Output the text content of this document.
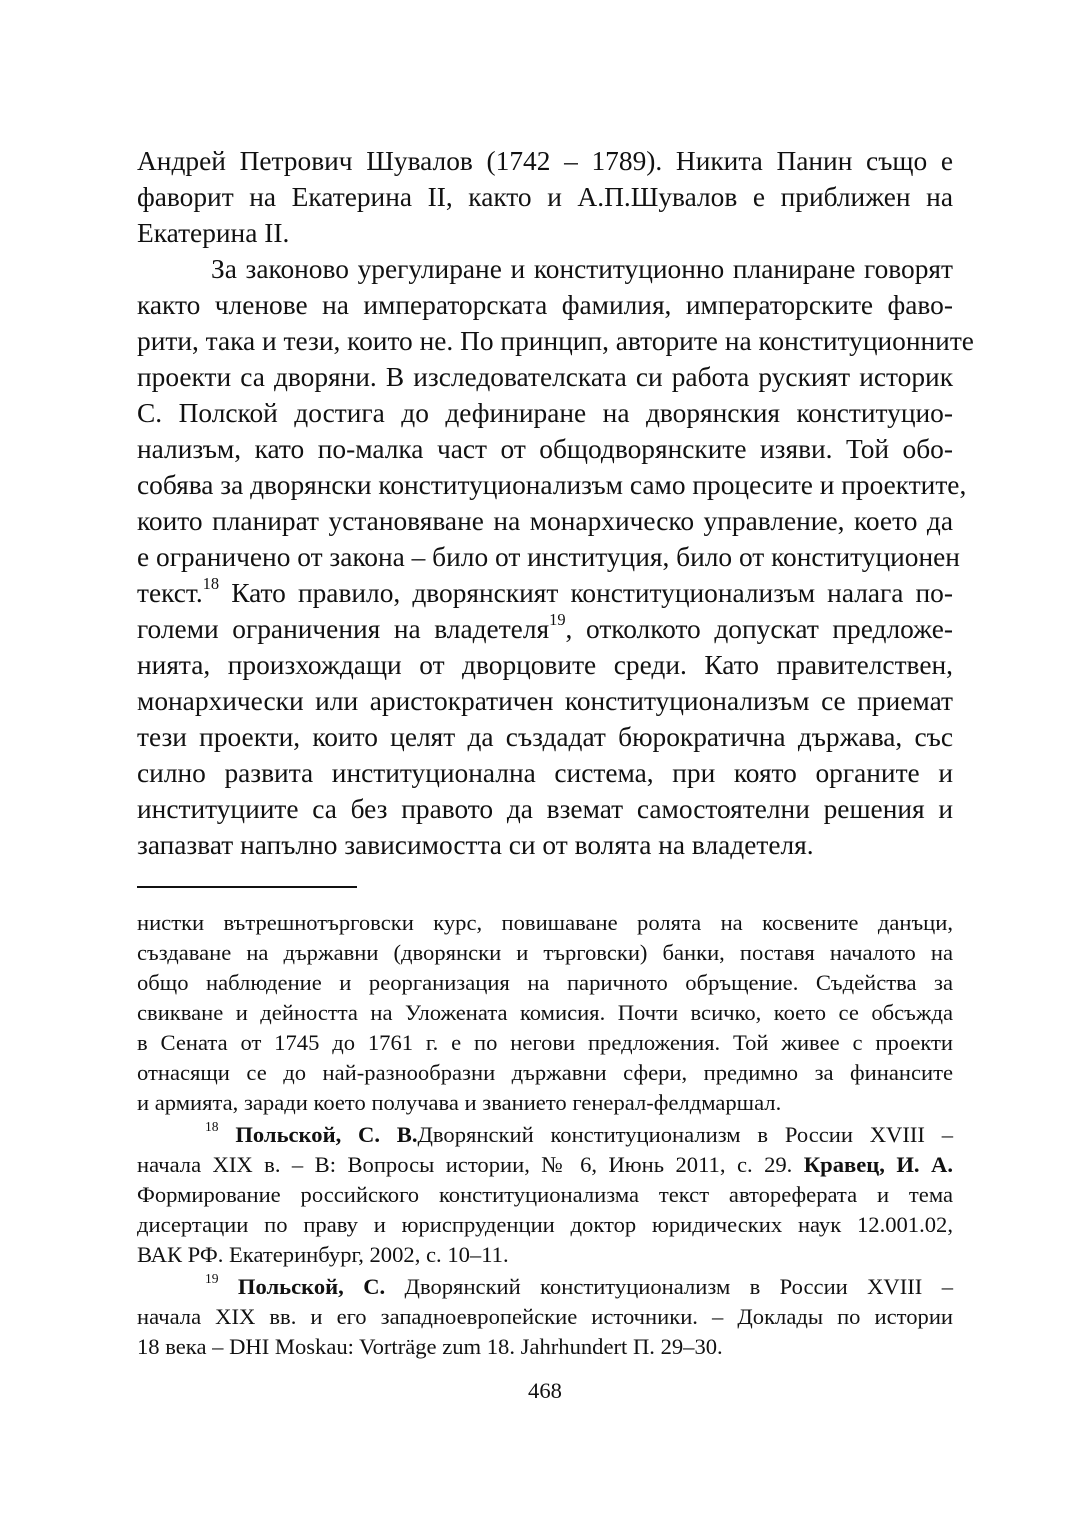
Андрей Петрович Шувалов (1742 – 1789). Никита Панин също е
фаворит на Екатерина II, както и А.П.Шувалов е приближен на
Екатерина II.
За законово урегулиране и конституционно планиране говорят
както членове на императорската фамилия, императорските фаво-
рити, така и тези, които не. По принцип, авторите на конституционните
проекти са дворяни. В изследователската си работа руският историк
С. Полской достига до дефиниране на дворянския конституцио-
нализъм, като по-малка част от общодворянските изяви. Той обо-
собява за дворянски конституционализъм само процесите и проектите,
които планират установяване на монархическо управление, което да
е ограничено от закона – било от институция, било от конституционен
текст.$^{18}$ Като правило, дворянският конституционализъм налага по-
големи ограничения на владетеля$^{19}$, отколкото допускат предложе-
нията, произхождащи от дворцовите среди. Като правителствен,
монархически или аристократичен конституционализъм се приемат
тези проекти, които целят да създадат бюрократична държава, със
силно развита институционална система, при която органите и
институциите са без правото да вземат самостоятелни решения и
запазват напълно зависимостта си от волята на владетеля.
нистки вътрешнотърговски курс, повишаване ролята на косвените данъци,
създаване на държавни (дворянски и търговски) банки, поставя началото на
общо наблюдение и реорганизация на паричното обръщение. Съдейства за
свикване и дейността на Уложената комисия. Почти всичко, което се обсъжда
в Сената от 1745 до 1761 г. е по негови предложения. Той живее с проекти
отнасящи се до най-разнообразни държавни сфери, предимно за финансите
и армията, заради което получава и званието генерал-фелдмаршал.
$^{18}$ Польской, С. В.Дворянский конституционализм в России XVIII –
начала XIX в. – В: Вопросы истории, № 6, Июнь 2011, с. 29. Кравец, И. А.
Формирование российского конституционализма текст автореферата и тема
дисертации по праву и юриспруденции доктор юридических наук 12.001.02,
ВАК РФ. Екатеринбург, 2002, с. 10–11.
$^{19}$ Польской, С. Дворянский конституционализм в России XVIII –
начала XIX вв. и его западноевропейские источники. – Доклады по истории
18 века – DHI Moskau: Vorträge zum 18. Jahrhundert П. 29–30.
468
